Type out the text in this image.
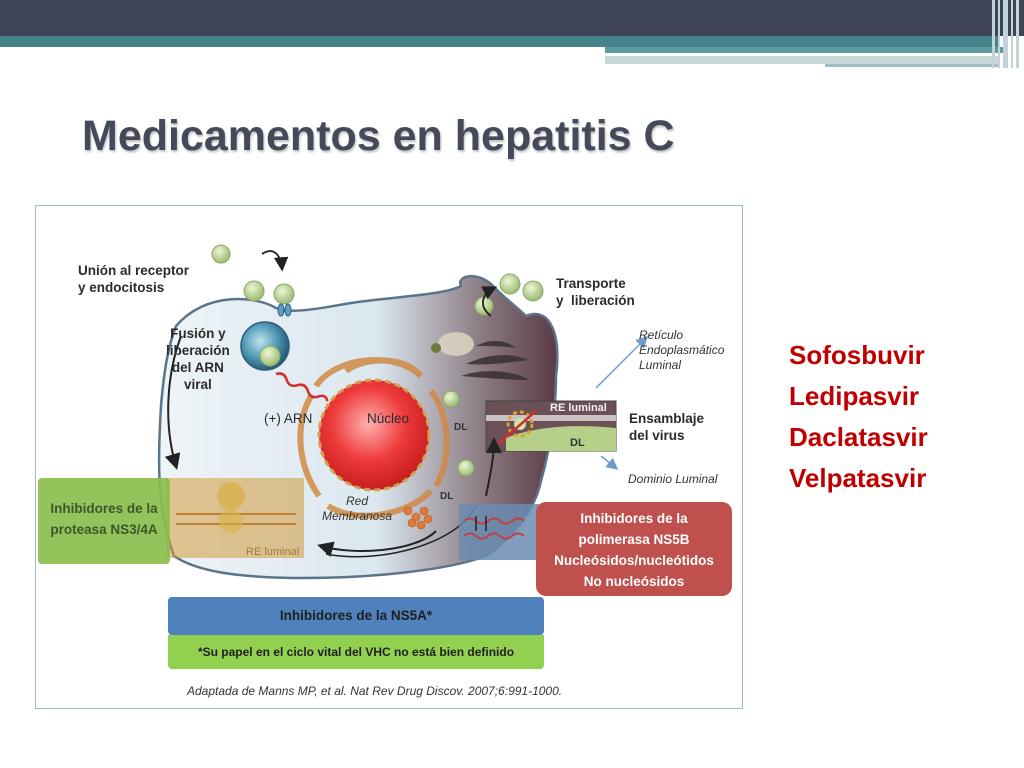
Medicamentos en hepatitis C
Unión al receptor
y endocitosis
Fusión y
liberación
del ARN
viral
Transporte
y  liberación
Retículo
Endoplasmático
Luminal
Ensamblaje
del virus
Dominio Luminal
(+) ARN	Núcleo
Red
Membranosa
RE luminal
DL
DL
DL
RE luminal
Inhibidores de la
proteasa NS3/4A
Inhibidores de la
polimerasa NS5B
Nucleósidos/nucleótidos
No nucleósidos
Inhibidores de la NS5A*
*Su papel en el ciclo vital del VHC no está bien definido
Adaptada de Manns MP, et al. Nat Rev Drug Discov. 2007;6:991-1000.
Sofosbuvir
Ledipasvir
Daclatasvir
Velpatasvir
